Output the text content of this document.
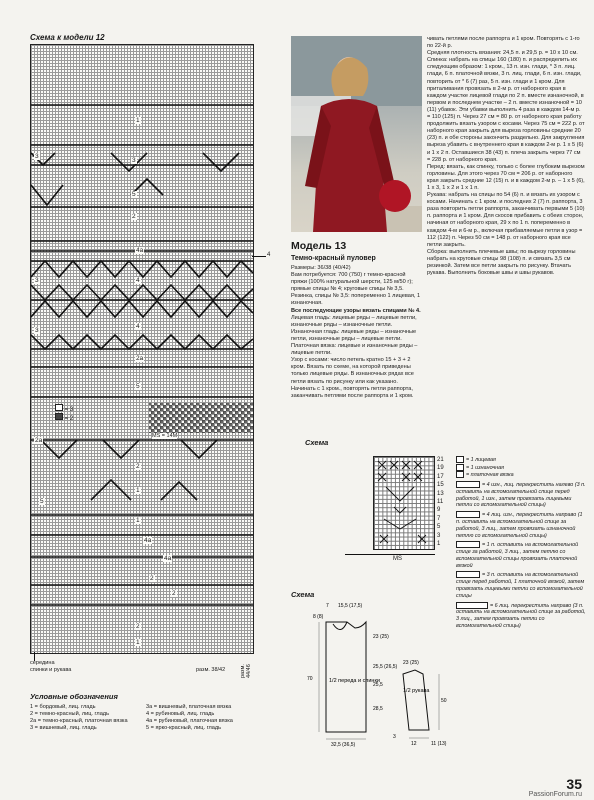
Схема к модели 12
1
3
3
5
2
4a
3	4
4
3
2a
5
2a
2
1
1
5
4a
4a
2
2
2
1
4
MS = 14M
= 3
= 2
середина
спинки и рукава	разм. 44/46
разм. 38/42
Условные обозначения
1 = бордовый, лиц. гладь
2 = темно-красный, лиц. гладь
2a = темно-красный, платочная вязка
3 = вишневый, лиц. гладь
3a = вишневый, платочная вязка
4 = рубиновый, лиц. гладь
4a = рубиновый, платочная вязка
5 = ярко-красный, лиц. гладь
Модель 13
Темно-красный пуловер
Размеры: 36/38 (40/42)
Вам потребуется: 700 (750) г темно-красной пряжи (100% натуральной шерсти, 125 м/50 г); прямые спицы № 4; круговые спицы № 3,5.
Резинка, спицы № 3,5: попеременно 1 лицевая, 1 изнаночная.
Все последующие узоры вязать спицами № 4.
Лицевая гладь: лицевые ряды – лицевые петли, изнаночные ряды – изнаночные петли.
Изнаночная гладь: лицевые ряды – изнаночные петли, изнаночные ряды – лицевые петли.
Платочная вязка: лицевые и изнаночные ряды – лицевые петли.
Узор с косами: число петель кратно 15 + 3 + 2 кром. Вязать по схеме, на которой приведены только лицевые ряды. В изнаночных рядах все петли вязать по рисунку или как указано. Начинать с 1 кром., повторять петли раппорта, заканчивать петлями после раппорта и 1 кром.
чивать петлями после раппорта и 1 кром. Повторять с 1-го по 22-й р.
Средняя плотность вязания: 24,5 п. и 29,5 р. = 10 х 10 см.
Спинка: набрать на спицы 160 (180) п. и распределить их следующим образом: 1 кром., 13 п. изн. глади, * 3 п. лиц. глади, 6 п. платочной вязки, 3 п. лиц. глади, 6 п. изн. глади, повторить от * 6 (7) раз, 5 п. изн. глади и 1 кром. Для приталивания провязать в 2-м р. от наборного края в каждом участке лицевой глади по 2 п. вместе изнаночной, в первом и последнем участке – 2 п. вместе изнаночной = 10 (11) убавок. Эти убавки выполнить 4 раза в каждом 14-м р. = 110 (125) п. Через 27 см = 80 р. от наборного края работу продолжить вязать узором с косами. Через 75 см = 222 р. от наборного края закрыть для выреза горловины средние 20 (23) п. и обе стороны закончить раздельно. Для закругления выреза убавить с внутреннего края в каждом 2-м р. 1 х 5 (6) и 1 х 2 п. Оставшиеся 38 (43) п. плеча закрыть через 77 см = 228 р. от наборного края.
Перед: вязать, как спинку, только с более глубоким вырезом горловины. Для этого через 70 см = 206 р. от наборного края закрыть средние 12 (15) п. и в каждом 2-м р. – 1 х 5 (6), 1 х 3, 1 х 2 и 1 х 1 п.
Рукава: набрать на спицы по 54 (6) п. и вязать их узором с косами. Начинать с 1 кром. и последних 2 (7) п. раппорта, 3 раза повторить петли раппорта, заканчивать первыми 5 (10) п. раппорта и 1 кром. Для скосов прибавить с обеих сторон, начиная от наборного края, 29 х по 1 п. попеременно в каждом 4-м и 6-м р., включая прибавляемые петли в узор = 112 (122) п. Через 50 см = 148 р. от наборного края все петли закрыть.
Сборка: выполнить плечевые швы; по вырезу горловины набрать на круговые спицы 98 (108) п. и связать 3,5 см резинкой. Затем все петли закрыть по рисунку. Втачать рукава. Выполнить боковые швы и швы рукавов.
Схема
21
19
17
15
13
11
9
7
5
3
1
MS
= 1 лицевая
= 1 изнаночная
= платочная вязка
= 4 изн., лиц. перекрестить налево (3 п. оставить на вспомогательной спице перед работой, 1 изн., затем провязать лицевыми петли со вспомогательной спицы)
= 4 лиц. изн., перекрестить направо (1 п. оставить на вспомогательной спице за работой, 3 лиц., затем провязать изнаночной петлю со вспомогательной спицы)
= 1 п. оставить на вспомогательной спице за работой, 3 лиц., затем петлю со вспомогательной спицы провязать платочной вязкой
= 3 п. оставить на вспомогательной спице перед работой, 1 платочной вязкой, затем провязать лицевыми петли со вспомогательной спицы
= 6 лиц. перекрестить направо (3 п. оставить на вспомогательной спице за работой, 3 лиц., затем провязать петли со вспомогательной спицы)
Схема
1/2 переда и спинки
1/2 рукава
7 15,5 (17,5)
23 (25)
25,5 (26,5)
25,5
28,5
70
32,5 (36,5)
3
12
23 (25)
50
11 (13)
8 (8)
35
PassionForum.ru
